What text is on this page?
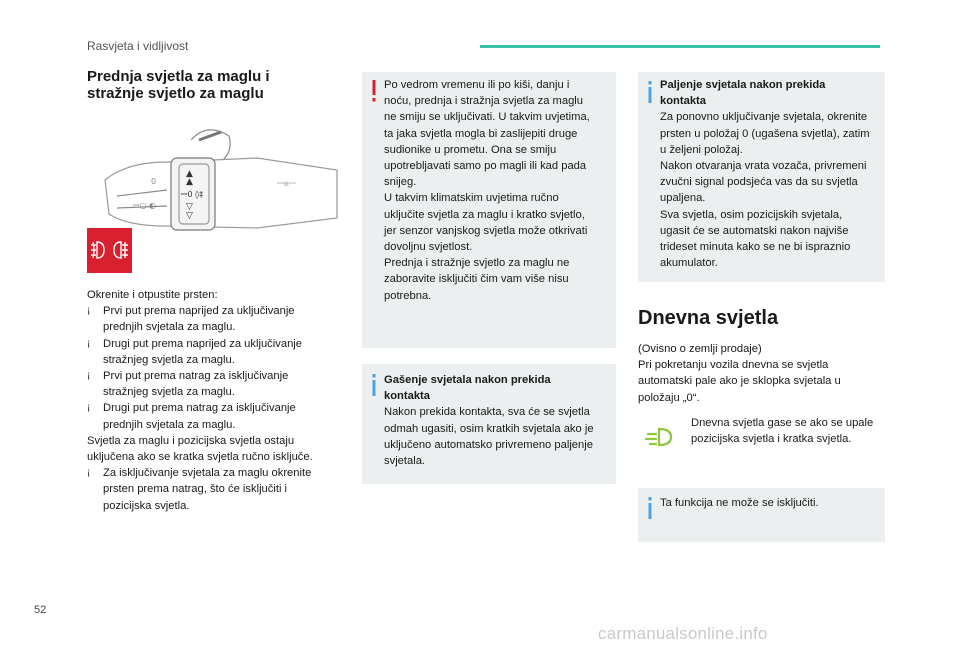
Rasvjeta i vidljivost
Prednja svjetla za maglu i
stražnje svjetlo za maglu
▲
▲
ꟷ0 ◊‡
▽
▽
0
ꟷ○ ◐
ꟷꝋꟷ
Okrenite i otpustite prsten:
¡ Prvi put prema naprijed za uključivanje
prednjih svjetala za maglu.
¡ Drugi put prema naprijed za uključivanje
stražnjeg svjetla za maglu.
¡ Prvi put prema natrag za isključivanje
stražnjeg svjetla za maglu.
¡ Drugi put prema natrag za isključivanje
prednjih svjetala za maglu.
Svjetla za maglu i pozicijska svjetla ostaju
uključena ako se kratka svjetla ručno isključe.
¡ Za isključivanje svjetala za maglu okrenite
prsten prema natrag, što će isključiti i
pozicijska svjetla.
Po vedrom vremenu ili po kiši, danju i
noću, prednja i stražnja svjetla za maglu
ne smiju se uključivati. U takvim uvjetima,
ta jaka svjetla mogla bi zaslijepiti druge
sudionike u prometu. Ona se smiju
upotrebljavati samo po magli ili kad pada
snijeg.
U takvim klimatskim uvjetima ručno
uključite svjetla za maglu i kratko svjetlo,
jer senzor vanjskog svjetla može otkrivati
dovoljnu svjetlost.
Prednja i stražnje svjetlo za maglu ne
zaboravite isključiti čim vam više nisu
potrebna.
Gašenje svjetala nakon prekida
kontakta
Nakon prekida kontakta, sva će se svjetla
odmah ugasiti, osim kratkih svjetala ako je
uključeno automatsko privremeno paljenje
svjetala.
Paljenje svjetala nakon prekida
kontakta
Za ponovno uključivanje svjetala, okrenite
prsten u položaj 0 (ugašena svjetla), zatim
u željeni položaj.
Nakon otvaranja vrata vozača, privremeni
zvučni signal podsjeća vas da su svjetla
upaljena.
Sva svjetla, osim pozicijskih svjetala,
ugasit će se automatski nakon najviše
trideset minuta kako se ne bi ispraznio
akumulator.
Dnevna svjetla
(Ovisno o zemlji prodaje)
Pri pokretanju vozila dnevna se svjetla
automatski pale ako je sklopka svjetala u
položaju „0“.
Dnevna svjetla gase se ako se upale
pozicijska svjetla i kratka svjetla.
Ta funkcija ne može se isključiti.
52
carmanualsonline.info
